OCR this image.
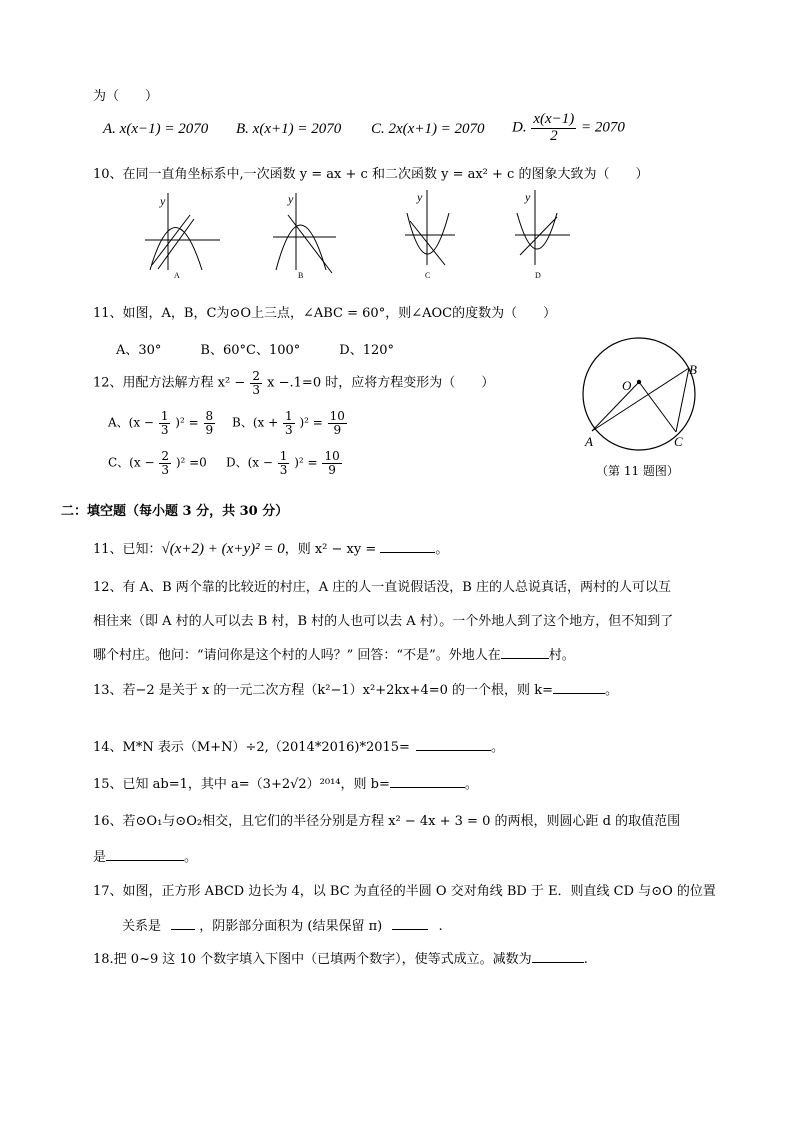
为（　　）
A. x(x−1) = 2070 B. x(x+1) = 2070 C. 2x(x+1) = 2070 D. $\frac{x(x-1)}{2} = 2070$
10、在同一直角坐标系中,一次函数 y = ax + c 和二次函数 y = ax² + c 的图象大致为（　　）
y
A
y
B
y
C
y
D
11、如图，A，B，C为⊙O上三点，∠ABC = 60°，则∠AOC的度数为（　　）
A、30°　　　B、60°C、100°　　　D、120°
O
B
A	C
（第 11 题图）
12、用配方法解方程 $x^2 - \frac{2}{3}$ x −.1=0 时，应将方程变形为（　　）
A、$(x - \frac{1}{3} )^2 = \frac{8}{9}$ B、$(x + \frac{1}{3} )^2 = \frac{10}{9}$
C、$(x - \frac{2}{3} )^2 =0$ D、$(x - \frac{1}{3} )^2 = \frac{10}{9}$
二：填空题（每小题 3 分，共 30 分）
11、已知：√(x+2) + (x+y)² = 0，则 x² − xy =	。
12、有 A、B 两个靠的比较近的村庄，A 庄的人一直说假话没，B 庄的人总说真话，两村的人可以互
相往来（即 A 村的人可以去 B 村，B 村的人也可以去 A 村）。一个外地人到了这个地方，但不知到了
哪个村庄。他问：“请问你是这个村的人吗？” 回答：“不是”。外地人在	村。
13、若−2 是关于 x 的一元二次方程（k²−1）x²+2kx+4=0 的一个根，则 k=	。
14、M*N 表示（M+N）÷2,（2014*2016)*2015=	。
15、已知 ab=1，其中 a=（3+2√2）²⁰¹⁴，则 b=	。
16、若⊙O₁与⊙O₂相交，且它们的半径分别是方程 x² − 4x + 3 = 0 的两根，则圆心距 d 的取值范围
是	。
17、如图，正方形 ABCD 边长为 4，以 BC 为直径的半圆 O 交对角线 BD 于 E．则直线 CD 与⊙O 的位置
关系是	，阴影部分面积为 (结果保留 π)	.
18.把 0~9 这 10 个数字填入下图中（已填两个数字），使等式成立。减数为	.
